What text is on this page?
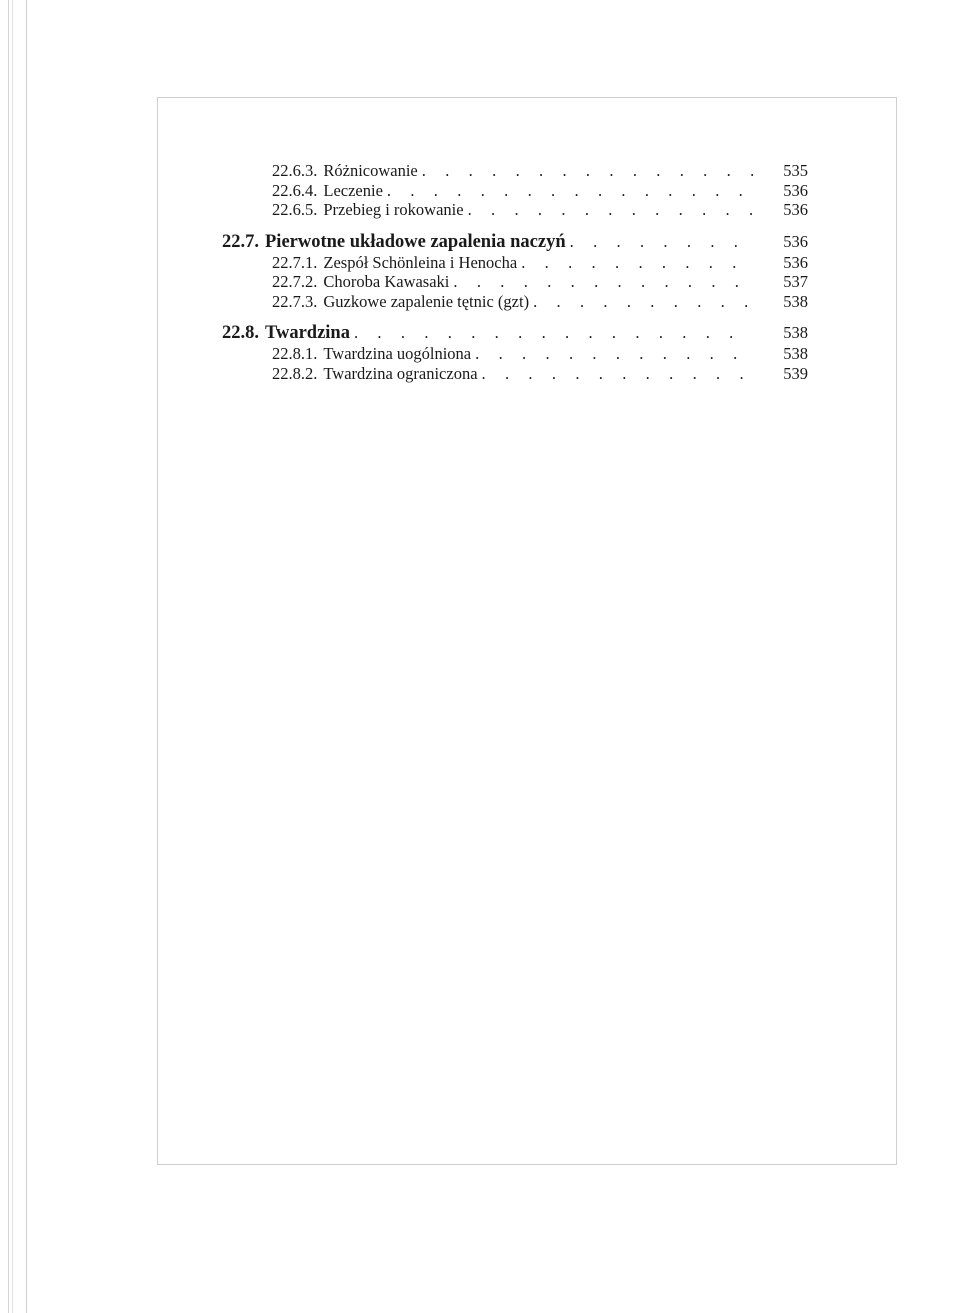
22.6.3. Różnicowanie . . .	535
22.6.4. Leczenie . . .	536
22.6.5. Przebieg i rokowanie . . .	536
22.7. Pierwotne układowe zapalenia naczyń . . .	536
22.7.1. Zespół Schönleina i Henocha . . .	536
22.7.2. Choroba Kawasaki . . .	537
22.7.3. Guzkowe zapalenie tętnic (gzt) . . .	538
22.8. Twardzina . . .	538
22.8.1. Twardzina uogólniona . . .	538
22.8.2. Twardzina ograniczona . . .	539
